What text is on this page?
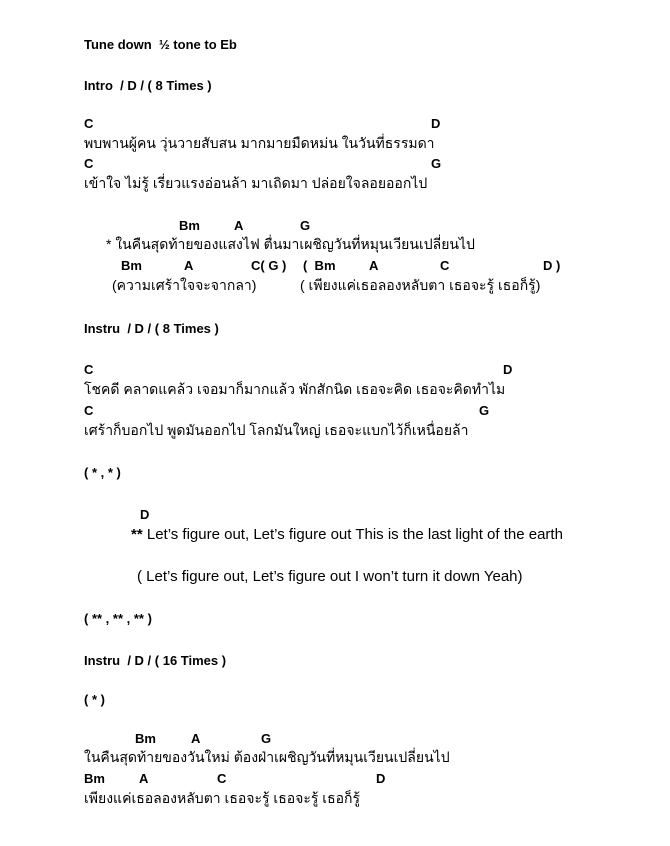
Tune down  ½ tone to Eb
Intro  / D / ( 8 Times )
C	D
พบพานผู้คน วุ่นวายสับสน มากมายมืดหม่น ในวันที่ธรรมดา
C	G
เข้าใจ ไม่รู้ เรี่ยวแรงอ่อนล้า มาเถิดมา ปล่อยใจลอยออกไป
Bm	A	G
* ในคืนสุดท้ายของแสงไฟ ตื่นมาเผชิญวันที่หมุนเวียนเปลี่ยนไป
Bm	A	C( G ) (  Bm	A	C	D )
(ความเศร้าใจจะจากลา)	( เพียงแค่เธอลองหลับตา เธอจะรู้ เธอก็รู้)
Instru  / D / ( 8 Times )
C	D
โชคดี คลาดแคล้ว เจอมาก็มากแล้ว พักสักนิด เธอจะคิด เธอจะคิดทำไม
C	G
เศร้าก็บอกไป พูดมันออกไป โลกมันใหญ่ เธอจะแบกไว้ก็เหนื่อยล้า
( * , * )
D
** Let’s figure out, Let’s figure out This is the last light of the earth
( Let’s figure out, Let’s figure out I won’t turn it down Yeah)
( ** , ** , ** )
Instru  / D / ( 16 Times )
( * )
Bm	A	G
ในคืนสุดท้ายของวันใหม่ ต้องฝ่าเผชิญวันที่หมุนเวียนเปลี่ยนไป
Bm	A	C	D
เพียงแค่เธอลองหลับตา เธอจะรู้ เธอจะรู้ เธอก็รู้
